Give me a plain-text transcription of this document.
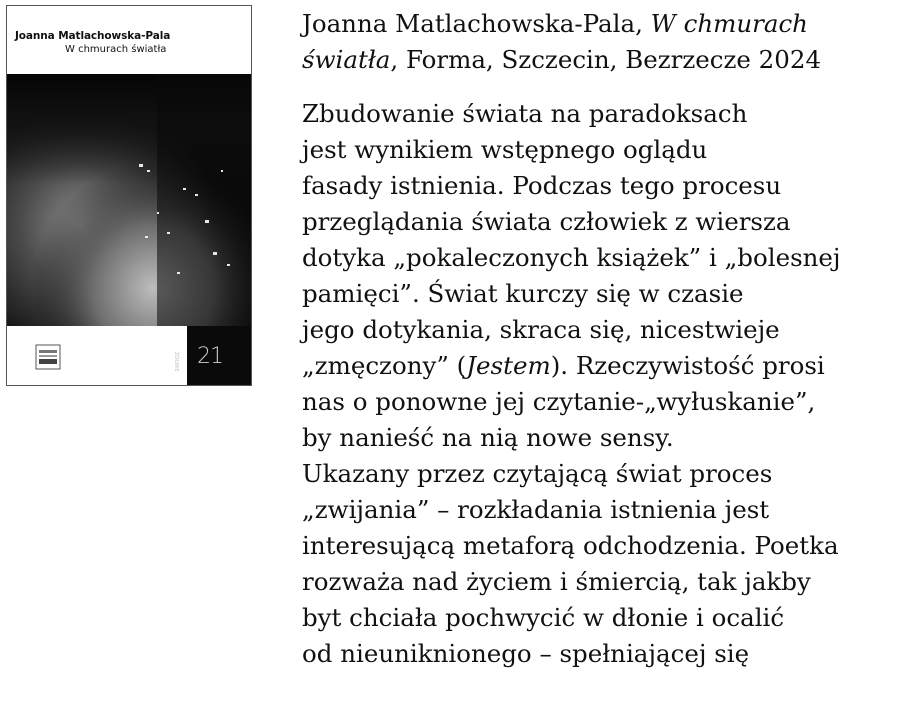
Joanna Matlachowska-Pala
W chmurach światła
ŻÓŁWIE 21
Joanna Matlachowska-Pala, W chmurach
światła, Forma, Szczecin, Bezrzecze 2024

Zbudowanie świata na paradoksach

jest wynikiem wstępnego oglądu

fasady istnienia. Podczas tego procesu

przeglądania świata człowiek z wiersza

dotyka „pokaleczonych książek” i „bolesnej

pamięci”. Świat kurczy się w czasie

jego dotykania, skraca się, nicestwieje

„zmęczony” (Jestem). Rzeczywistość prosi

nas o ponowne jej czytanie-„wyłuskanie”,

by nanieść na nią nowe sensy.

Ukazany przez czytającą świat proces

„zwijania” – rozkładania istnienia jest

interesującą metaforą odchodzenia. Poetka

rozważa nad życiem i śmiercią, tak jakby

byt chciała pochwycić w dłonie i ocalić

od nieuniknionego – spełniającej się
